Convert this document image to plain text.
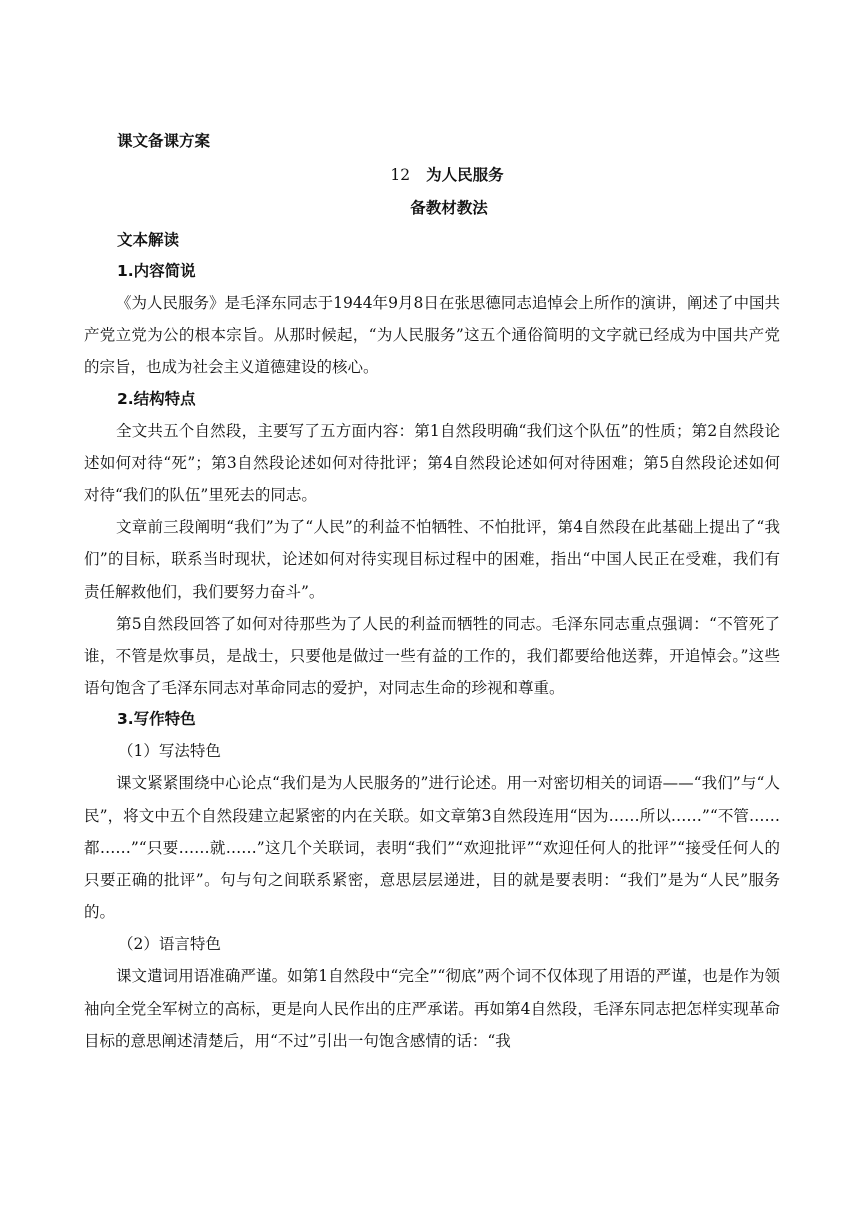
课文备课方案

12 为人民服务

备教材教法

文本解读

1.内容简说

《为人民服务》是毛泽东同志于1944年9月8日在张思德同志追悼会上所作的演讲，阐述了中国共产党立党为公的根本宗旨。从那时候起，“为人民服务”这五个通俗简明的文字就已经成为中国共产党的宗旨，也成为社会主义道德建设的核心。

2.结构特点

全文共五个自然段，主要写了五方面内容：第1自然段明确“我们这个队伍”的性质；第2自然段论述如何对待“死”；第3自然段论述如何对待批评；第4自然段论述如何对待困难；第5自然段论述如何对待“我们的队伍”里死去的同志。

文章前三段阐明“我们”为了“人民”的利益不怕牺牲、不怕批评，第4自然段在此基础上提出了“我们”的目标，联系当时现状，论述如何对待实现目标过程中的困难，指出“中国人民正在受难，我们有责任解救他们，我们要努力奋斗”。

第5自然段回答了如何对待那些为了人民的利益而牺牲的同志。毛泽东同志重点强调：“不管死了谁，不管是炊事员，是战士，只要他是做过一些有益的工作的，我们都要给他送葬，开追悼会。”这些语句饱含了毛泽东同志对革命同志的爱护，对同志生命的珍视和尊重。

3.写作特色

（1）写法特色

课文紧紧围绕中心论点“我们是为人民服务的”进行论述。用一对密切相关的词语——“我们”与“人民”，将文中五个自然段建立起紧密的内在关联。如文章第3自然段连用“因为……所以……”“不管……都……”“只要……就……”这几个关联词，表明“我们”“欢迎批评”“欢迎任何人的批评”“接受任何人的只要正确的批评”。句与句之间联系紧密，意思层层递进，目的就是要表明：“我们”是为“人民”服务的。

（2）语言特色

课文遣词用语准确严谨。如第1自然段中“完全”“彻底”两个词不仅体现了用语的严谨，也是作为领袖向全党全军树立的高标，更是向人民作出的庄严承诺。再如第4自然段，毛泽东同志把怎样实现革命目标的意思阐述清楚后，用“不过”引出一句饱含感情的话：“我
